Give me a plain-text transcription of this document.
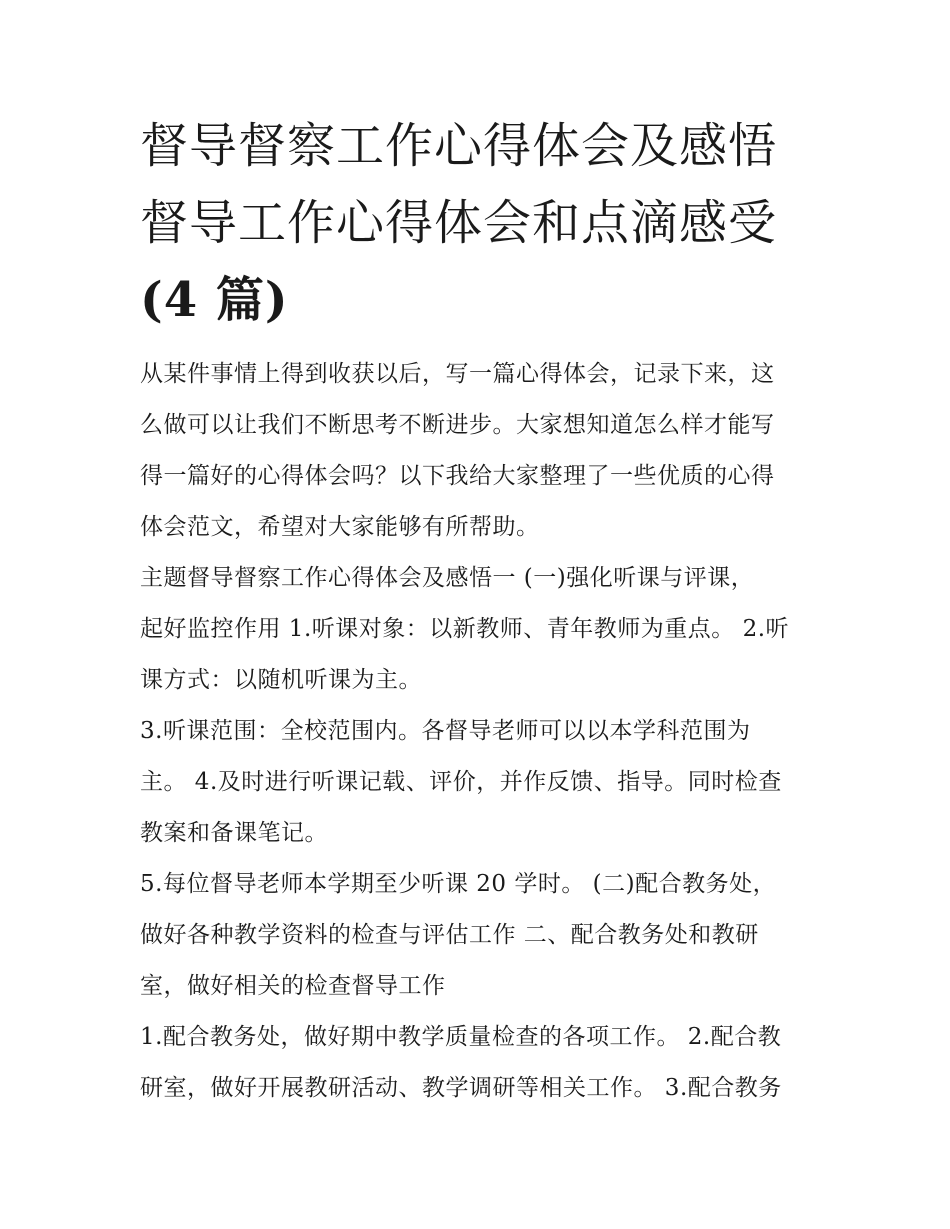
督导督察工作心得体会及感悟
督导工作心得体会和点滴感受
(4 篇)

从某件事情上得到收获以后，写一篇心得体会，记录下来，这
么做可以让我们不断思考不断进步。大家想知道怎么样才能写
得一篇好的心得体会吗？以下我给大家整理了一些优质的心得
体会范文，希望对大家能够有所帮助。

主题督导督察工作心得体会及感悟一 (一)强化听课与评课，
起好监控作用 1.听课对象：以新教师、青年教师为重点。 2.听
课方式：以随机听课为主。

3.听课范围：全校范围内。各督导老师可以以本学科范围为
主。 4.及时进行听课记载、评价，并作反馈、指导。同时检查
教案和备课笔记。

5.每位督导老师本学期至少听课 20 学时。 (二)配合教务处，
做好各种教学资料的检查与评估工作 二、配合教务处和教研
室，做好相关的检查督导工作

1.配合教务处，做好期中教学质量检查的各项工作。 2.配合教
研室，做好开展教研活动、教学调研等相关工作。 3.配合教务
